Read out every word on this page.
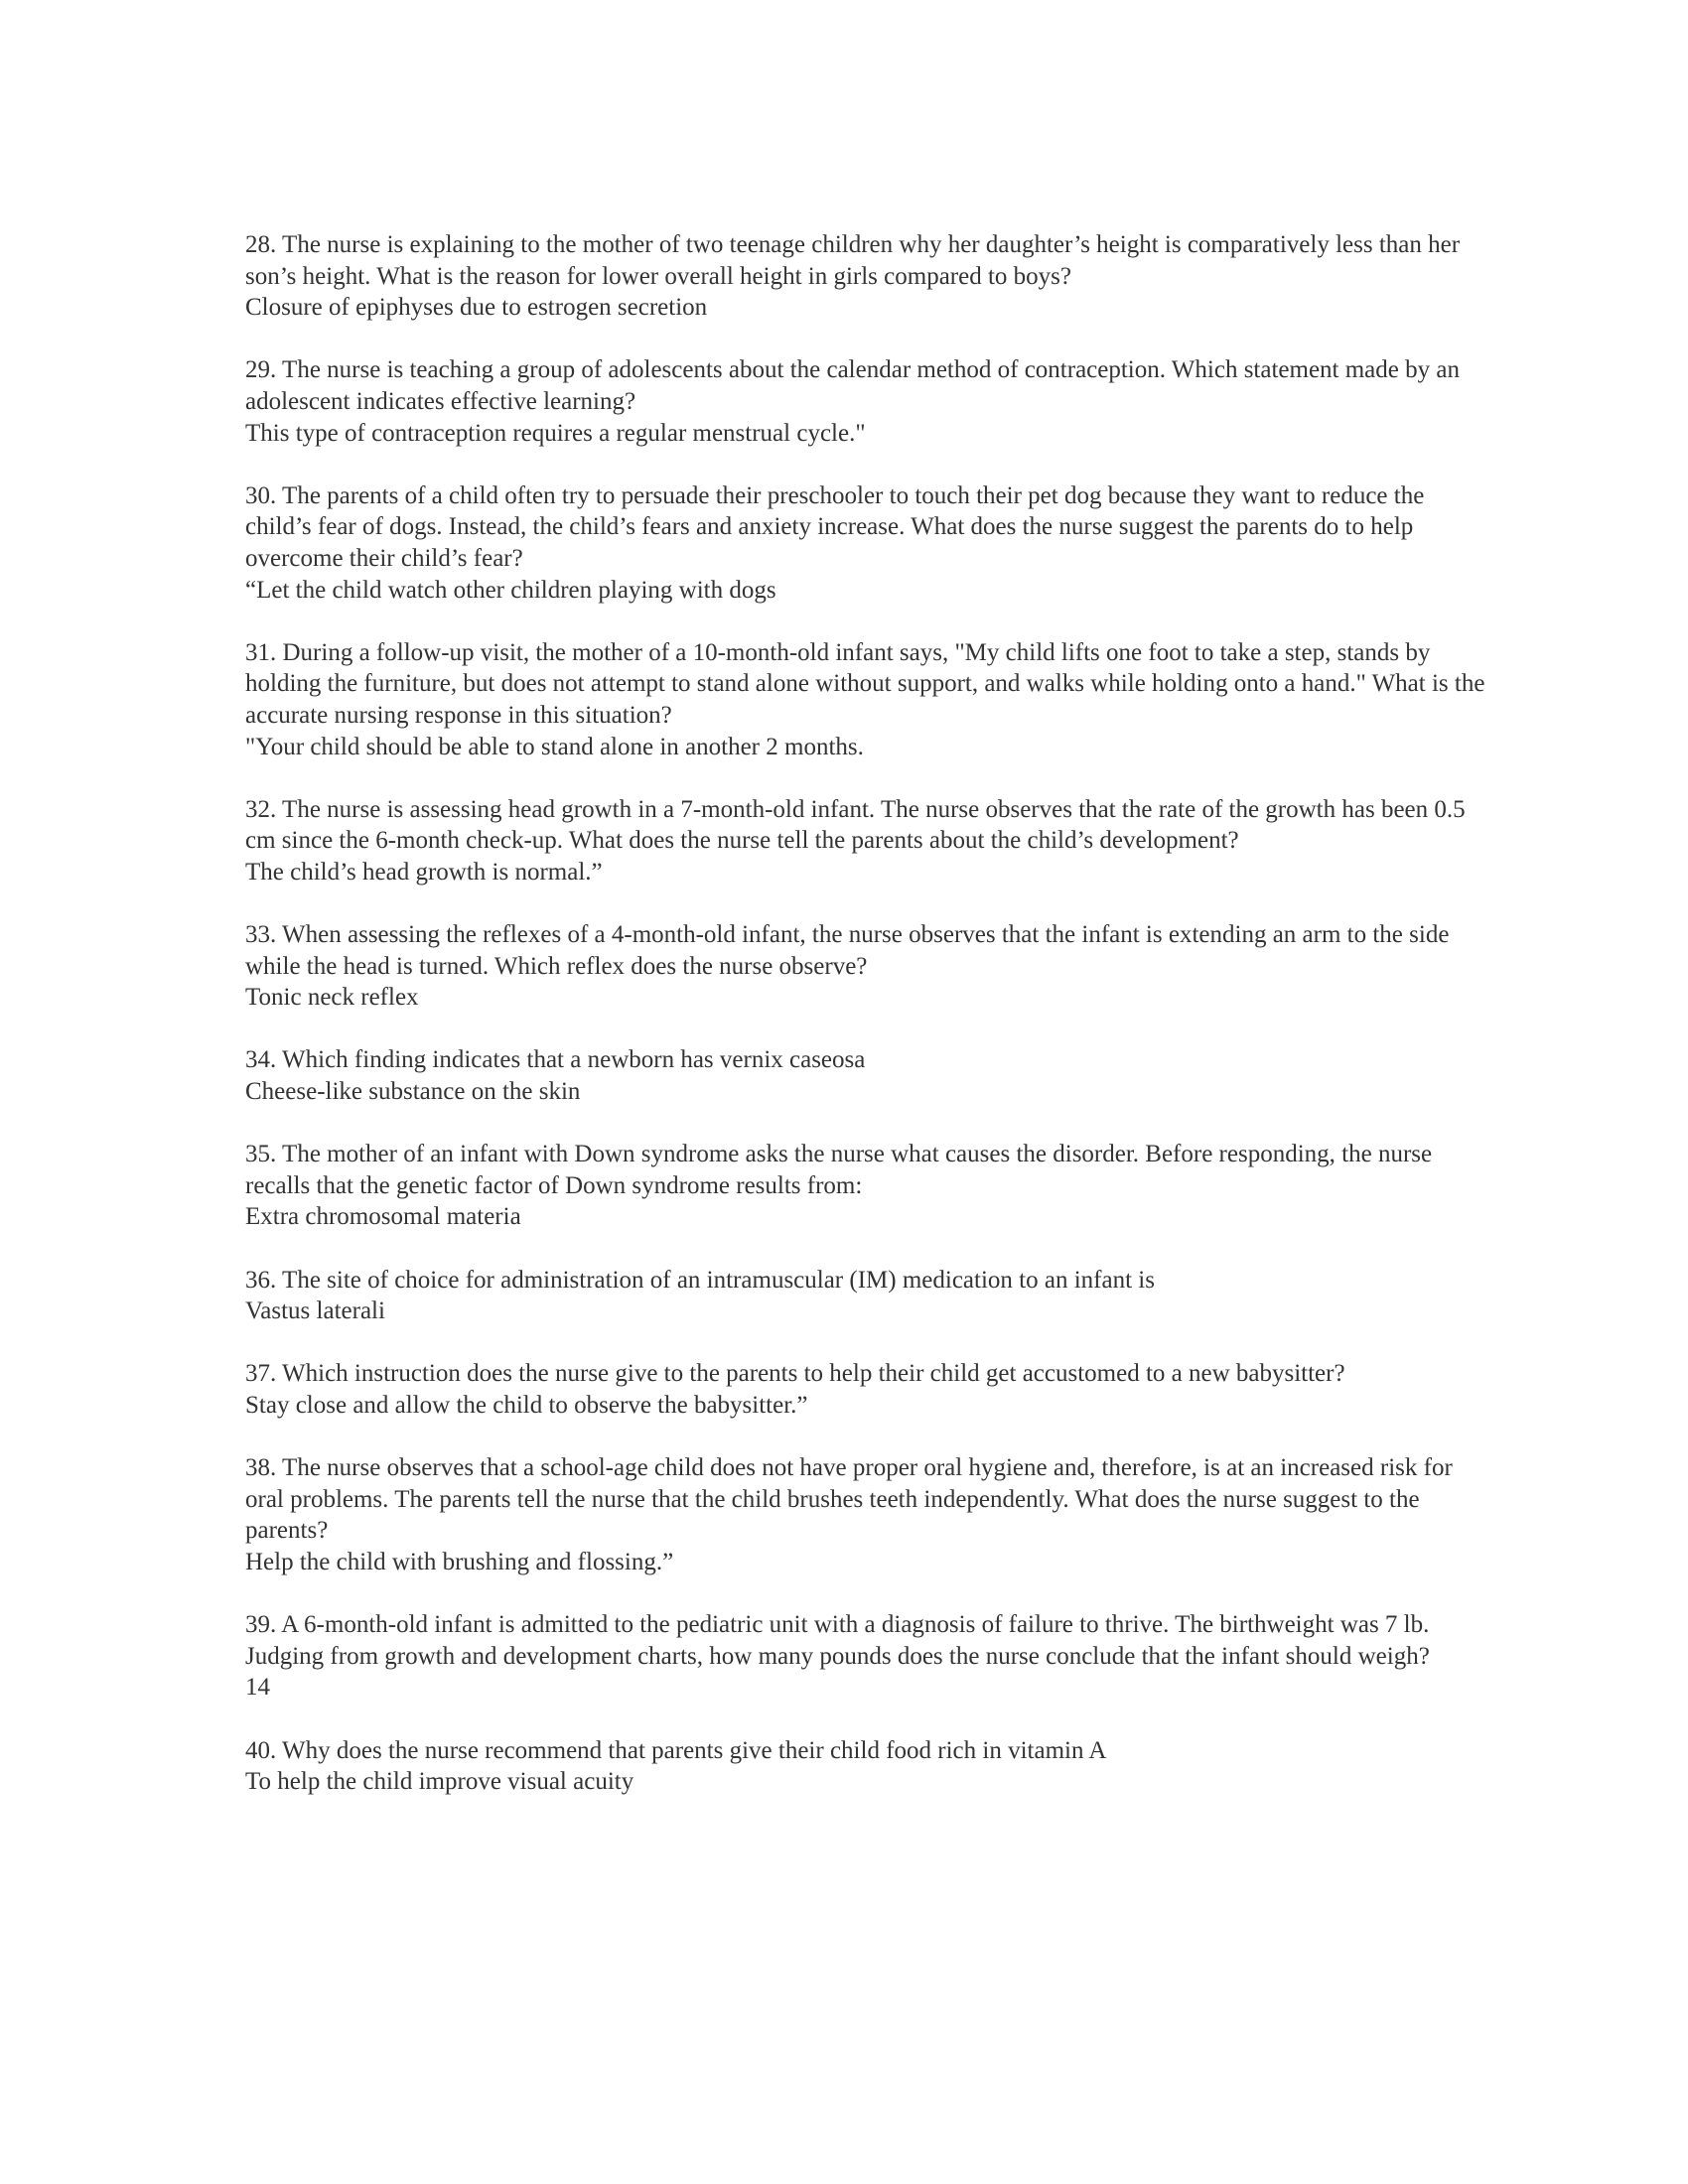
28. The nurse is explaining to the mother of two teenage children why her daughter’s height is comparatively less than her son’s height. What is the reason for lower overall height in girls compared to boys?
Closure of epiphyses due to estrogen secretion
29. The nurse is teaching a group of adolescents about the calendar method of contraception. Which statement made by an adolescent indicates effective learning?
This type of contraception requires a regular menstrual cycle."
30. The parents of a child often try to persuade their preschooler to touch their pet dog because they want to reduce the child’s fear of dogs. Instead, the child’s fears and anxiety increase. What does the nurse suggest the parents do to help overcome their child’s fear?
“Let the child watch other children playing with dogs
31. During a follow-up visit, the mother of a 10-month-old infant says, "My child lifts one foot to take a step, stands by holding the furniture, but does not attempt to stand alone without support, and walks while holding onto a hand." What is the accurate nursing response in this situation?
"Your child should be able to stand alone in another 2 months.
32. The nurse is assessing head growth in a 7-month-old infant. The nurse observes that the rate of the growth has been 0.5 cm since the 6-month check-up. What does the nurse tell the parents about the child’s development?
The child’s head growth is normal.”
33. When assessing the reflexes of a 4-month-old infant, the nurse observes that the infant is extending an arm to the side while the head is turned. Which reflex does the nurse observe?
Tonic neck reflex
34. Which finding indicates that a newborn has vernix caseosa
Cheese-like substance on the skin
35. The mother of an infant with Down syndrome asks the nurse what causes the disorder. Before responding, the nurse recalls that the genetic factor of Down syndrome results from:
Extra chromosomal materia
36. The site of choice for administration of an intramuscular (IM) medication to an infant is
Vastus laterali
37. Which instruction does the nurse give to the parents to help their child get accustomed to a new babysitter?
Stay close and allow the child to observe the babysitter.”
38. The nurse observes that a school-age child does not have proper oral hygiene and, therefore, is at an increased risk for oral problems. The parents tell the nurse that the child brushes teeth independently. What does the nurse suggest to the parents?
Help the child with brushing and flossing.”
39. A 6-month-old infant is admitted to the pediatric unit with a diagnosis of failure to thrive. The birthweight was 7 lb. Judging from growth and development charts, how many pounds does the nurse conclude that the infant should weigh?
14
40. Why does the nurse recommend that parents give their child food rich in vitamin A
To help the child improve visual acuity
